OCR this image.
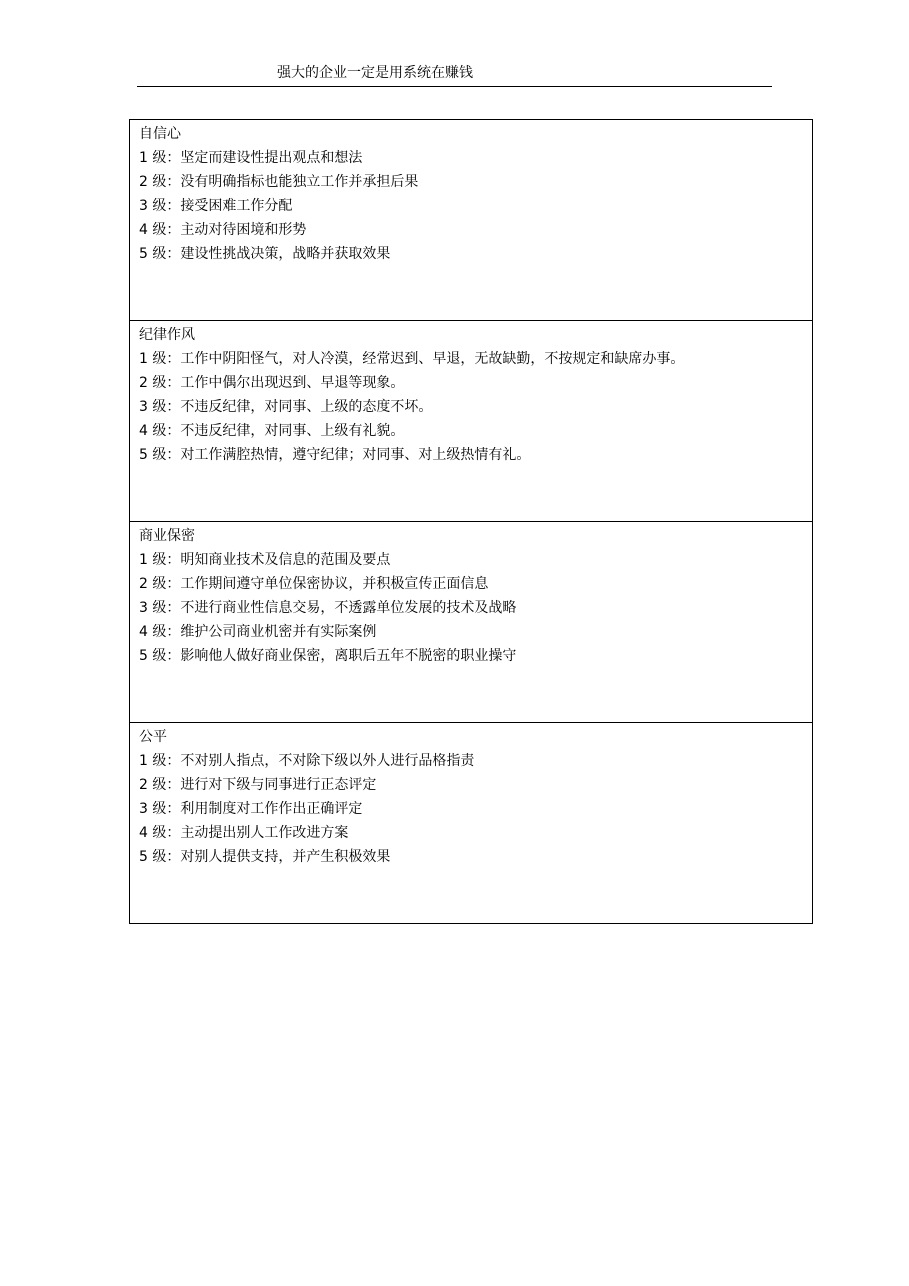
强大的企业一定是用系统在赚钱
自信心
1 级：坚定而建设性提出观点和想法
2 级：没有明确指标也能独立工作并承担后果
3 级：接受困难工作分配
4 级：主动对待困境和形势
5 级：建设性挑战决策，战略并获取效果
纪律作风
1 级：工作中阴阳怪气，对人冷漠，经常迟到、早退，无故缺勤，不按规定和缺席办事。
2 级：工作中偶尔出现迟到、早退等现象。
3 级：不违反纪律，对同事、上级的态度不坏。
4 级：不违反纪律，对同事、上级有礼貌。
5 级：对工作满腔热情，遵守纪律；对同事、对上级热情有礼。
商业保密
1 级：明知商业技术及信息的范围及要点
2 级：工作期间遵守单位保密协议，并积极宣传正面信息
3 级：不进行商业性信息交易，不透露单位发展的技术及战略
4 级：维护公司商业机密并有实际案例
5 级：影响他人做好商业保密，离职后五年不脱密的职业操守
公平
1 级：不对别人指点，不对除下级以外人进行品格指责
2 级：进行对下级与同事进行正态评定
3 级：利用制度对工作作出正确评定
4 级：主动提出别人工作改进方案
5 级：对别人提供支持，并产生积极效果
